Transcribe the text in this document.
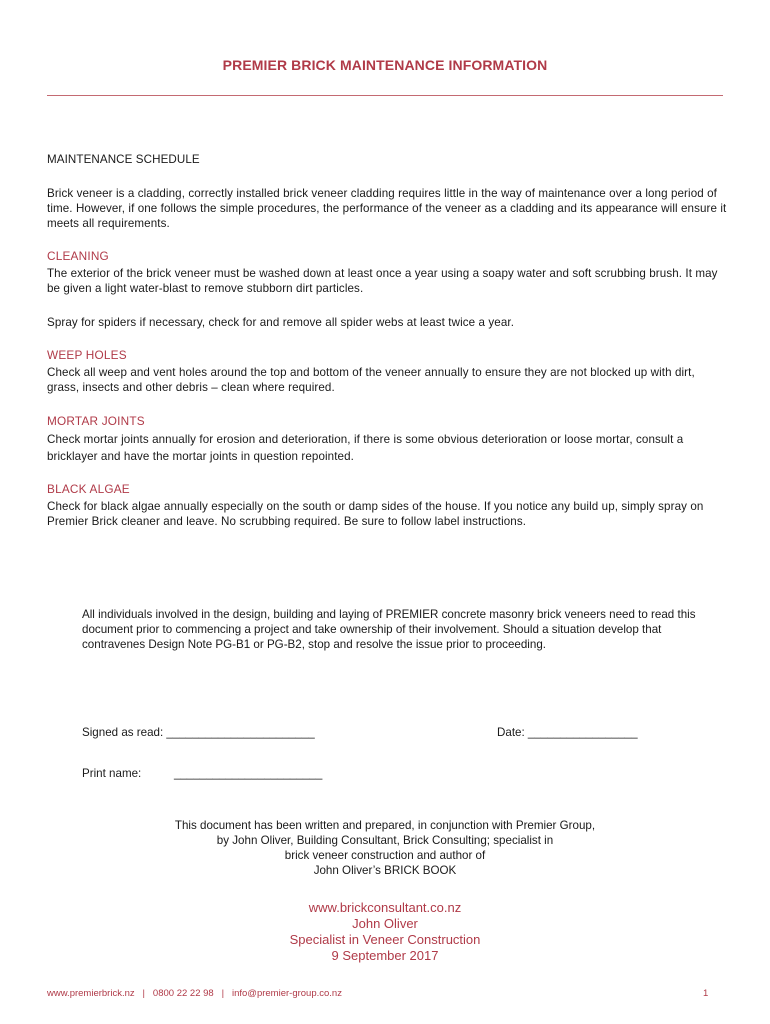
PREMIER BRICK MAINTENANCE INFORMATION

MAINTENANCE SCHEDULE

Brick veneer is a cladding, correctly installed brick veneer cladding requires little in the way of maintenance over a long period of time. However, if one follows the simple procedures, the performance of the veneer as a cladding and its appearance will ensure it meets all requirements.

CLEANING

The exterior of the brick veneer must be washed down at least once a year using a soapy water and soft scrubbing brush. It may be given a light water-blast to remove stubborn dirt particles.

Spray for spiders if necessary, check for and remove all spider webs at least twice a year.

WEEP HOLES

Check all weep and vent holes around the top and bottom of the veneer annually to ensure they are not blocked up with dirt, grass, insects and other debris – clean where required.

MORTAR JOINTS

Check mortar joints annually for erosion and deterioration, if there is some obvious deterioration or loose mortar, consult a bricklayer and have the mortar joints in question repointed.

BLACK ALGAE

Check for black algae annually especially on the south or damp sides of the house. If you notice any build up, simply spray on Premier Brick cleaner and leave. No scrubbing required. Be sure to follow label instructions.

All individuals involved in the design, building and laying of PREMIER concrete masonry brick veneers need to read this document prior to commencing a project and take ownership of their involvement. Should a situation develop that contravenes Design Note PG-B1 or PG-B2, stop and resolve the issue prior to proceeding.

Signed as read: _______________________	Date: _________________

Print name:	_______________________

This document has been written and prepared, in conjunction with Premier Group,
by John Oliver, Building Consultant, Brick Consulting; specialist in
brick veneer construction and author of
John Oliver’s BRICK BOOK
www.brickconsultant.co.nz
John Oliver
Specialist in Veneer Construction
9 September 2017
www.premierbrick.nz   |   0800 22 22 98   |   info@premier-group.co.nz	1
